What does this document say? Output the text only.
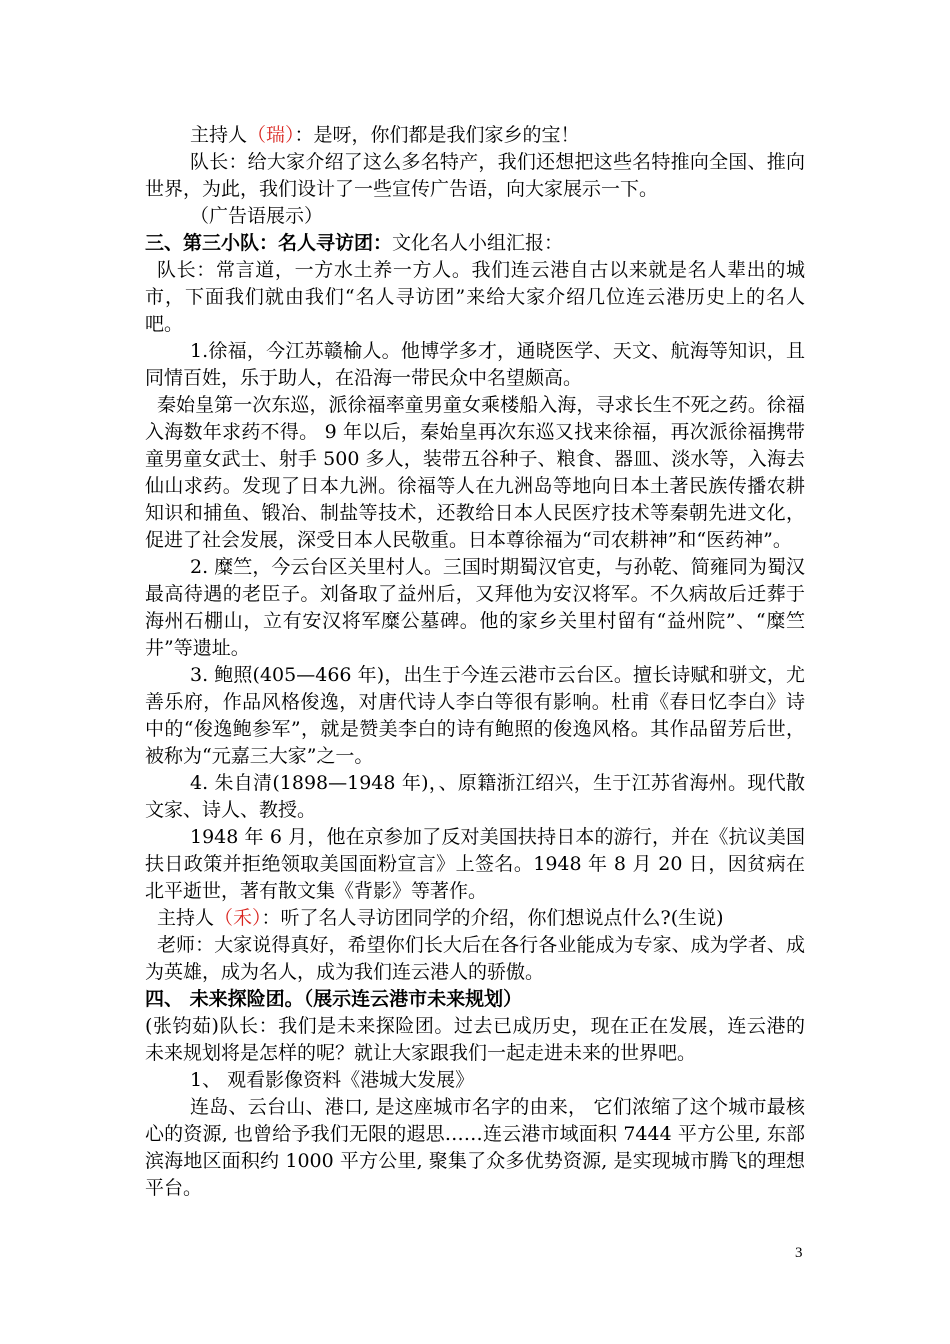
主持人（瑞）：是呀，你们都是我们家乡的宝！

队长：给大家介绍了这么多名特产，我们还想把这些名特推向全国、推向世界，为此，我们设计了一些宣传广告语，向大家展示一下。

（广告语展示）

三、第三小队：名人寻访团：文化名人小组汇报：

队长：常言道，一方水土养一方人。我们连云港自古以来就是名人辈出的城市，下面我们就由我们“名人寻访团”来给大家介绍几位连云港历史上的名人吧。

1.徐福，今江苏赣榆人。他博学多才，通晓医学、天文、航海等知识，且同情百姓，乐于助人，在沿海一带民众中名望颇高。

秦始皇第一次东巡，派徐福率童男童女乘楼船入海，寻求长生不死之药。徐福入海数年求药不得。 9 年以后，秦始皇再次东巡又找来徐福，再次派徐福携带童男童女武士、射手 500 多人，装带五谷种子、粮食、器皿、淡水等，入海去仙山求药。发现了日本九洲。徐福等人在九洲岛等地向日本土著民族传播农耕知识和捕鱼、锻冶、制盐等技术，还教给日本人民医疗技术等秦朝先进文化，促进了社会发展，深受日本人民敬重。日本尊徐福为“司农耕神”和“医药神”。

2. 糜竺，今云台区关里村人。三国时期蜀汉官吏，与孙乾、简雍同为蜀汉最高待遇的老臣子。刘备取了益州后，又拜他为安汉将军。不久病故后迁葬于海州石棚山，立有安汉将军糜公墓碑。他的家乡关里村留有“益州院”、“糜竺井”等遗址。

3. 鲍照(405—466 年)，出生于今连云港市云台区。擅长诗赋和骈文，尤善乐府，作品风格俊逸，对唐代诗人李白等很有影响。杜甫《春日忆李白》诗中的“俊逸鲍参军”，就是赞美李白的诗有鲍照的俊逸风格。其作品留芳后世，被称为“元嘉三大家”之一。

4. 朱自清(1898—1948 年)，、原籍浙江绍兴，生于江苏省海州。现代散文家、诗人、教授。

1948 年 6 月，他在京参加了反对美国扶持日本的游行，并在《抗议美国扶日政策并拒绝领取美国面粉宣言》上签名。1948 年 8 月 20 日，因贫病在北平逝世，著有散文集《背影》等著作。

主持人（禾）：听了名人寻访团同学的介绍，你们想说点什么?(生说)

老师：大家说得真好，希望你们长大后在各行各业能成为专家、成为学者、成为英雄，成为名人，成为我们连云港人的骄傲。

四、 未来探险团。（展示连云港市未来规划）

(张钧茹)队长：我们是未来探险团。过去已成历史，现在正在发展，连云港的未来规划将是怎样的呢？就让大家跟我们一起走进未来的世界吧。

1、 观看影像资料《港城大发展》

连岛、云台山、港口, 是这座城市名字的由来， 它们浓缩了这个城市最核心的资源, 也曾给予我们无限的遐思……连云港市域面积 7444 平方公里, 东部滨海地区面积约 1000 平方公里, 聚集了众多优势资源, 是实现城市腾飞的理想平台。

3
